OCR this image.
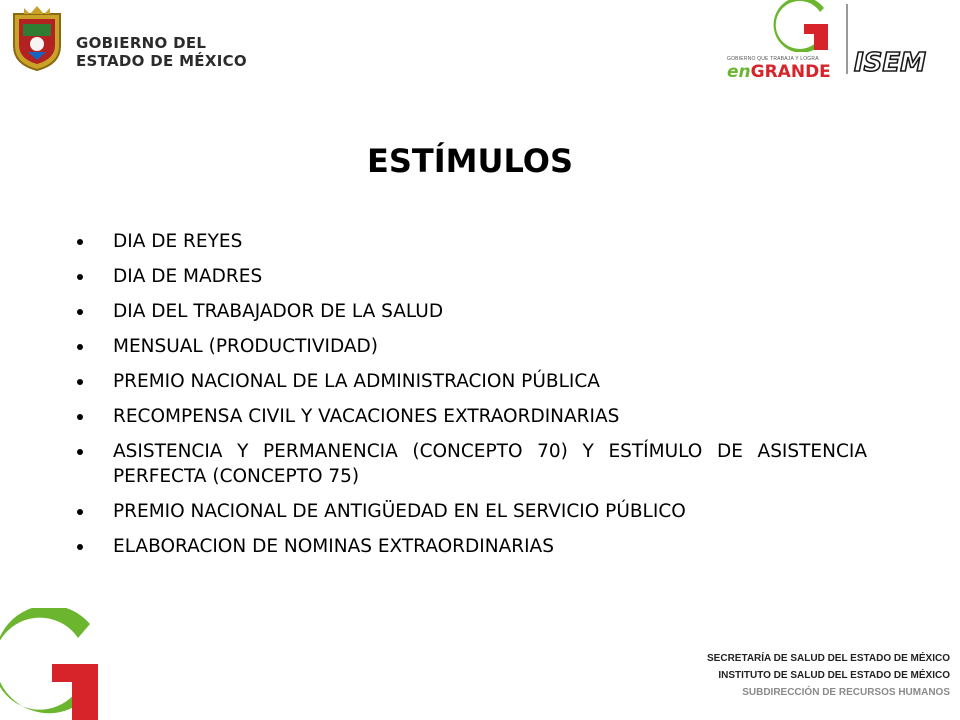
GOBIERNO DEL
ESTADO DE MÉXICO	GOBIERNO QUE TRABAJA Y LOGRA
enGRANDE ISEM
ESTÍMULOS
DIA DE REYES
DIA DE MADRES
DIA DEL TRABAJADOR DE LA SALUD
MENSUAL (PRODUCTIVIDAD)
PREMIO NACIONAL DE LA ADMINISTRACION PÚBLICA
RECOMPENSA CIVIL Y VACACIONES EXTRAORDINARIAS
ASISTENCIA Y PERMANENCIA (CONCEPTO 70) Y ESTÍMULO DE ASISTENCIA PERFECTA (CONCEPTO 75)
PREMIO NACIONAL DE ANTIGÜEDAD EN EL SERVICIO PÚBLICO
ELABORACION DE NOMINAS EXTRAORDINARIAS
SECRETARÍA DE SALUD DEL ESTADO DE MÉXICO
INSTITUTO DE SALUD DEL ESTADO DE MÉXICO
SUBDIRECCIÓN DE RECURSOS HUMANOS
